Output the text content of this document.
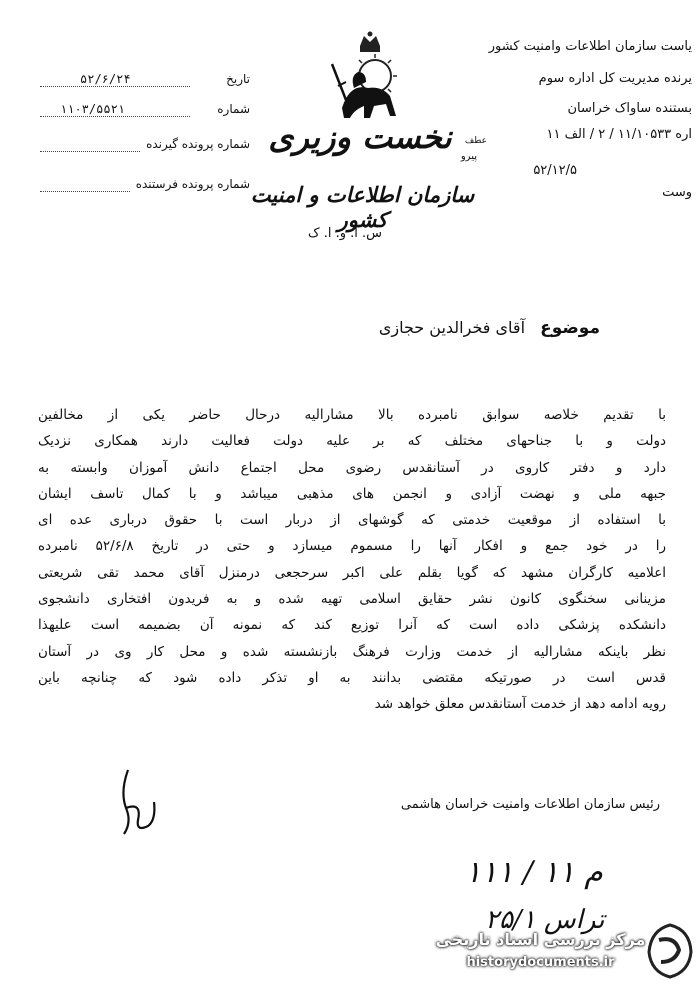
یاست سازمان اطلاعات وامنیت کشور
یرنده مدیریت کل اداره سوم
بستنده ساواک خراسان
اره ۱۱/۱۰۵۳۳ / ۲ / الف ۱۱
عطف
پیرو
۵۲/۱۲/۵
وست
تاریخ
۵۲/۶/۲۴
شماره
۱۱۰۳/۵۵۲۱
شماره پرونده گیرنده
شماره پرونده فرستنده
نخست وزیری
سازمان اطلاعات و امنیت کشور
س. ا. و. ا. ک
موضوع آقای فخرالدین حجازی
با تقدیم خلاصه سوابق نامبرده بالا مشارالیه درحال حاضر یکی از مخالفین
دولت و با جناحهای مختلف که بر علیه دولت فعالیت دارند همکاری نزدیک
دارد و دفتر کاروی در آستانقدس رضوی محل اجتماع دانش آموزان وابسته به
جبهه ملی و نهضت آزادی و انجمن های مذهبی میباشد و با کمال تاسف ایشان
با استفاده از موقعیت خدمتی که گوشهای از دربار است با حقوق درباری عده ای
را در خود جمع و افکار آنها را مسموم میسازد و حتی در تاریخ ۵۲/۶/۸ نامبرده
اعلامیه کارگران مشهد که گویا بقلم علی اکبر سرحجعی درمنزل آقای محمد تقی شریعتی
مزینانی سخنگوی کانون نشر حقایق اسلامی تهیه شده و به فریدون افتخاری دانشجوی
دانشکده پزشکی داده است که آنرا توزیع کند که نمونه آن بضمیمه است علیهذا
نظر باینکه مشارالیه از خدمت وزارت فرهنگ بازنشسته شده و محل کار وی در آستان
قدس است در صورتیکه مقتضی بدانند به او تذکر داده شود که چنانچه باین
رویه ادامه دهد از خدمت آستانقدس معلق خواهد شد
رئیس سازمان اطلاعات وامنیت خراسان هاشمی
۱۱۱ / ۱۱ م
۲۵/۱ تراس
مرکز بررسی اسناد تاریخی
historydocuments.ir
